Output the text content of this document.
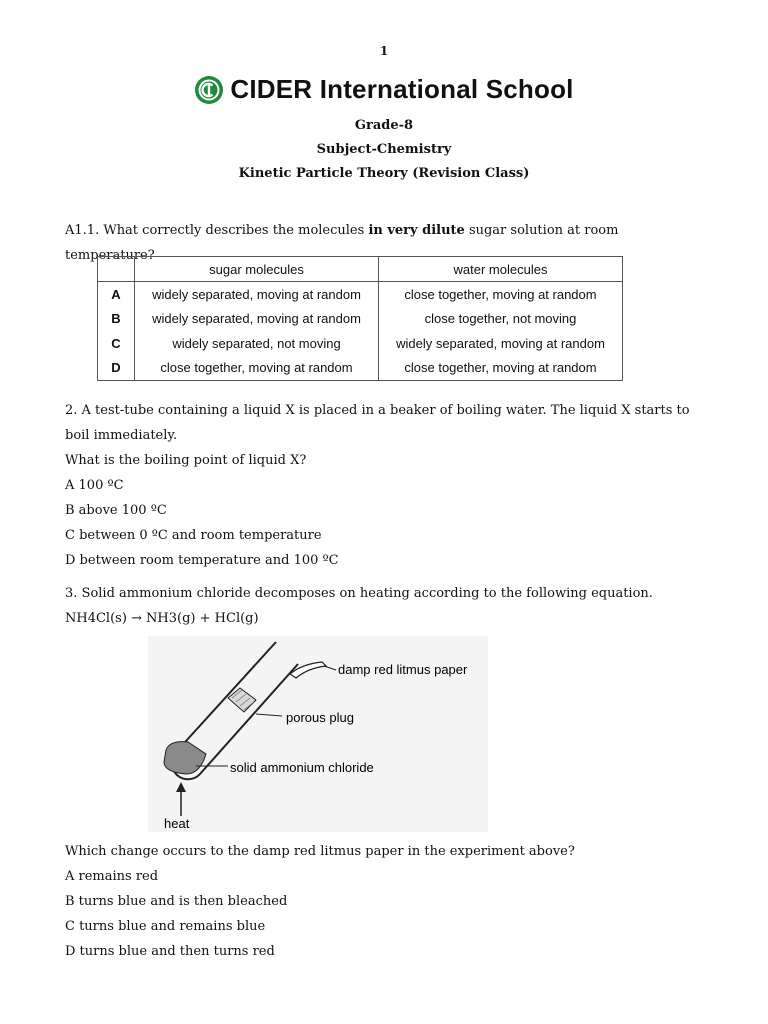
1
CIDER International School
Grade-8
Subject-Chemistry
Kinetic Particle Theory (Revision Class)
A1.1. What correctly describes the molecules in very dilute sugar solution at room temperature?
	sugar molecules	water molecules
A	widely separated, moving at random	close together, moving at random
B	widely separated, moving at random	close together, not moving
C	widely separated, not moving	widely separated, moving at random
D	close together, moving at random	close together, moving at random
2. A test-tube containing a liquid X is placed in a beaker of boiling water. The liquid X starts to boil immediately.
What is the boiling point of liquid X?
A 100 ºC
B above 100 ºC
C between 0 ºC and room temperature
D between room temperature and 100 ºC
3. Solid ammonium chloride decomposes on heating according to the following equation.
NH4Cl(s) → NH3(g) + HCl(g)
damp red litmus paper
porous plug
solid ammonium chloride
heat
Which change occurs to the damp red litmus paper in the experiment above?
A remains red
B turns blue and is then bleached
C turns blue and remains blue
D turns blue and then turns red
